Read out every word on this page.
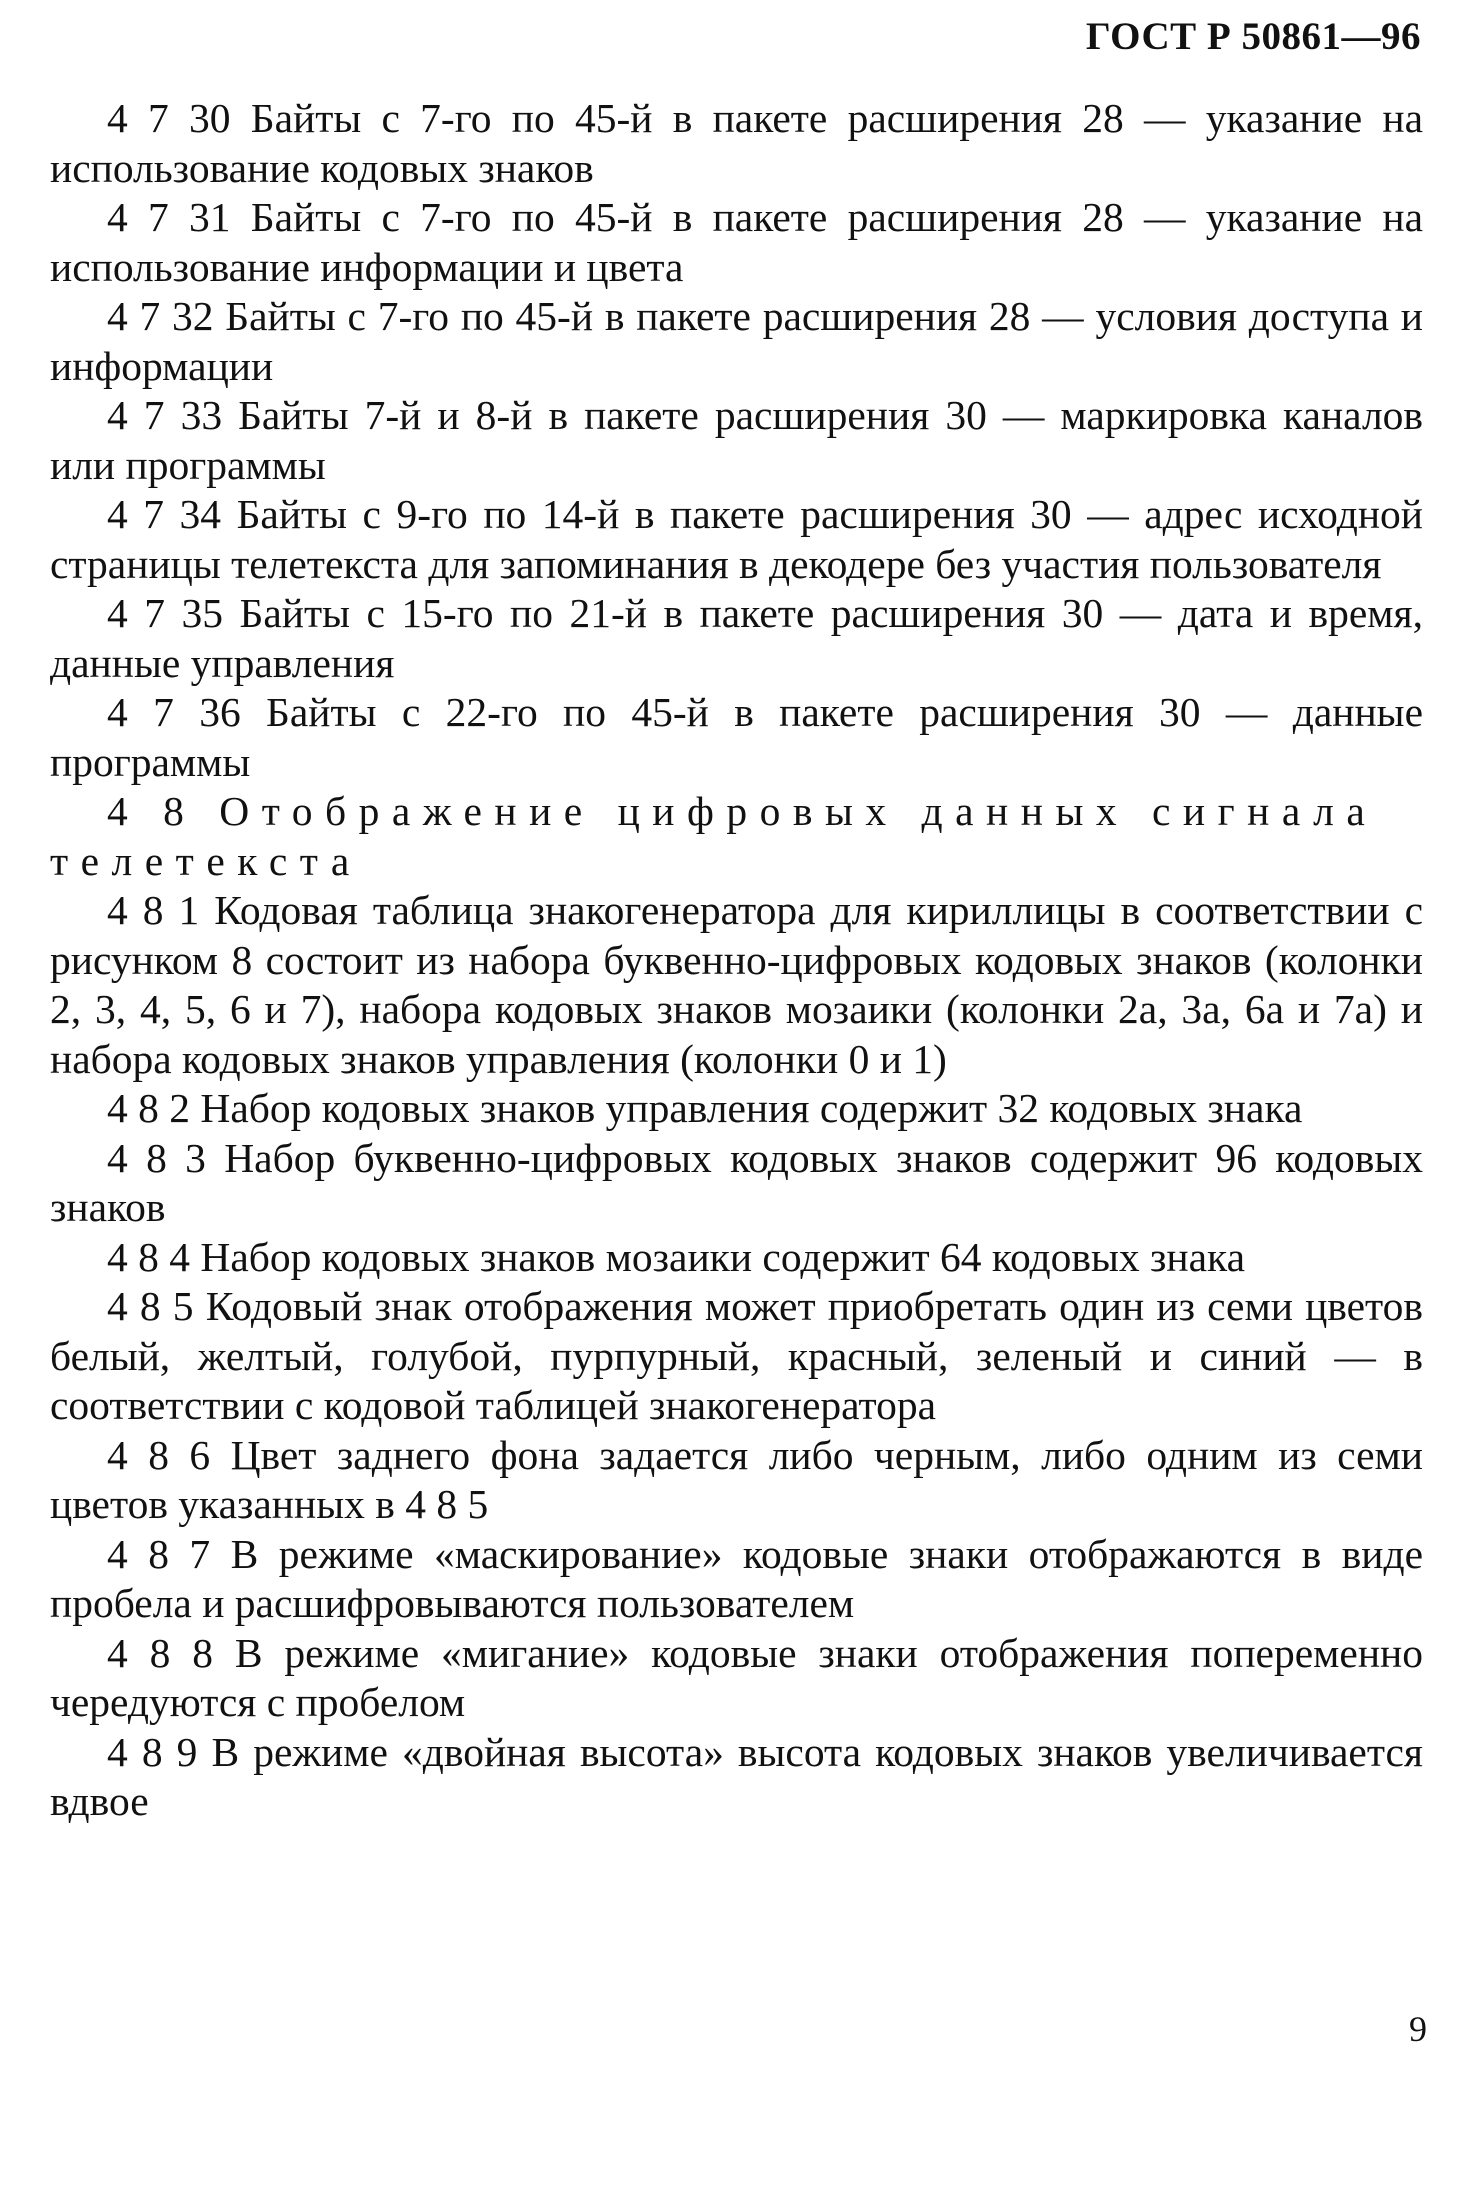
ГОСТ Р 50861—96

4 7 30 Байты с 7-го по 45-й в пакете расширения 28 — указание на использование кодовых знаков

4 7 31 Байты с 7-го по 45-й в пакете расширения 28 — указание на использование информации и цвета

4 7 32 Байты с 7-го по 45-й в пакете расширения 28 — условия доступа и информации

4 7 33 Байты 7-й и 8-й в пакете расширения 30 — маркировка каналов или программы

4 7 34 Байты с 9-го по 14-й в пакете расширения 30 — адрес исходной страницы телетекста для запоминания в декодере без участия пользователя

4 7 35 Байты с 15-го по 21-й в пакете расширения 30 — дата и время, данные управления

4 7 36 Байты с 22-го по 45-й в пакете расширения 30 — данные программы

4 8 Отображение цифровых данных сигнала телетекста

4 8 1 Кодовая таблица знакогенератора для кириллицы в соответствии с рисунком 8 состоит из набора буквенно-цифровых кодовых знаков (колонки 2, 3, 4, 5, 6 и 7), набора кодовых знаков мозаики (колонки 2а, 3а, 6а и 7а) и набора кодовых знаков управления (колонки 0 и 1)

4 8 2 Набор кодовых знаков управления содержит 32 кодовых знака

4 8 3 Набор буквенно-цифровых кодовых знаков содержит 96 кодовых знаков

4 8 4 Набор кодовых знаков мозаики содержит 64 кодовых знака

4 8 5 Кодовый знак отображения может приобретать один из семи цветов белый, желтый, голубой, пурпурный, красный, зеленый и синий — в соответствии с кодовой таблицей знакогенератора

4 8 6 Цвет заднего фона задается либо черным, либо одним из семи цветов указанных в 4 8 5

4 8 7 В режиме «маскирование» кодовые знаки отображаются в виде пробела и расшифровываются пользователем

4 8 8 В режиме «мигание» кодовые знаки отображения попеременно чередуются с пробелом

4 8 9 В режиме «двойная высота» высота кодовых знаков увеличивается вдвое

9
